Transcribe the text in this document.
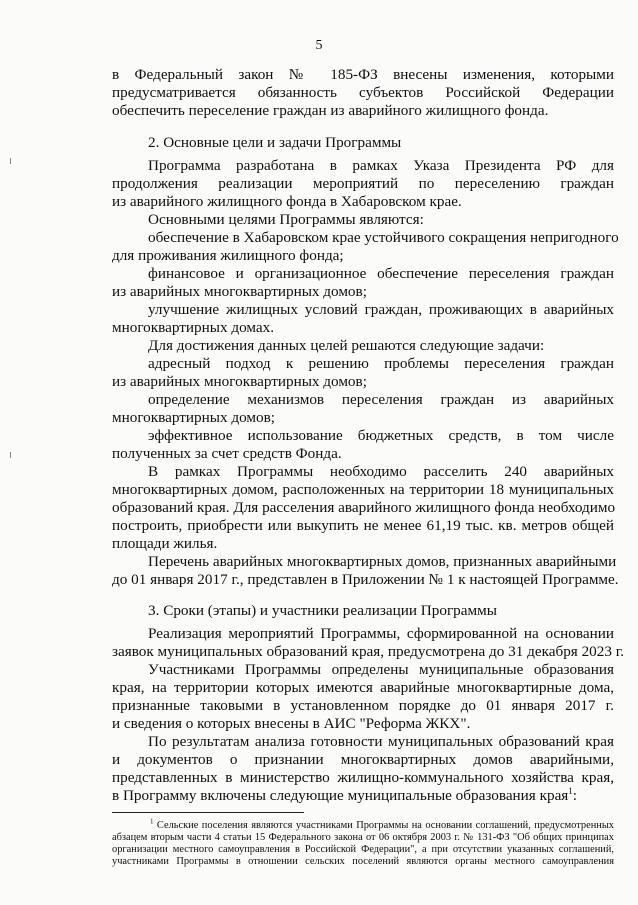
5
в Федеральный закон № 185-ФЗ внесены изменения, которыми
предусматривается обязанность субъектов Российской Федерации
обеспечить переселение граждан из аварийного жилищного фонда.
2. Основные цели и задачи Программы
Программа разработана в рамках Указа Президента РФ для
продолжения реализации мероприятий по переселению граждан
из аварийного жилищного фонда в Хабаровском крае.
Основными целями Программы являются:
обеспечение в Хабаровском крае устойчивого сокращения непригодного
для проживания жилищного фонда;
финансовое и организационное обеспечение переселения граждан
из аварийных многоквартирных домов;
улучшение жилищных условий граждан, проживающих в аварийных
многоквартирных домах.
Для достижения данных целей решаются следующие задачи:
адресный подход к решению проблемы переселения граждан
из аварийных многоквартирных домов;
определение механизмов переселения граждан из аварийных
многоквартирных домов;
эффективное использование бюджетных средств, в том числе
полученных за счет средств Фонда.
В рамках Программы необходимо расселить 240 аварийных
многоквартирных домом, расположенных на территории 18 муниципальных
образований края. Для расселения аварийного жилищного фонда необходимо
построить, приобрести или выкупить не менее 61,19 тыс. кв. метров общей
площади жилья.
Перечень аварийных многоквартирных домов, признанных аварийными
до 01 января 2017 г., представлен в Приложении № 1 к настоящей Программе.
3. Сроки (этапы) и участники реализации Программы
Реализация мероприятий Программы, сформированной на основании
заявок муниципальных образований края, предусмотрена до 31 декабря 2023 г.
Участниками Программы определены муниципальные образования
края, на территории которых имеются аварийные многоквартирные дома,
признанные таковыми в установленном порядке до 01 января 2017 г.
и сведения о которых внесены в АИС "Реформа ЖКХ".
По результатам анализа готовности муниципальных образований края
и документов о признании многоквартирных домов аварийными,
представленных в министерство жилищно-коммунального хозяйства края,
в Программу включены следующие муниципальные образования края$^1$:
$^1$ Сельские поселения являются участниками Программы на основании соглашений, предусмотренных
абзацем вторым части 4 статьи 15 Федерального закона от 06 октября 2003 г. № 131-ФЗ "Об общих принципах
организации местного самоуправления в Российской Федерации", а при отсутствии указанных соглашений,
участниками Программы в отношении сельских поселений являются органы местного самоуправления
